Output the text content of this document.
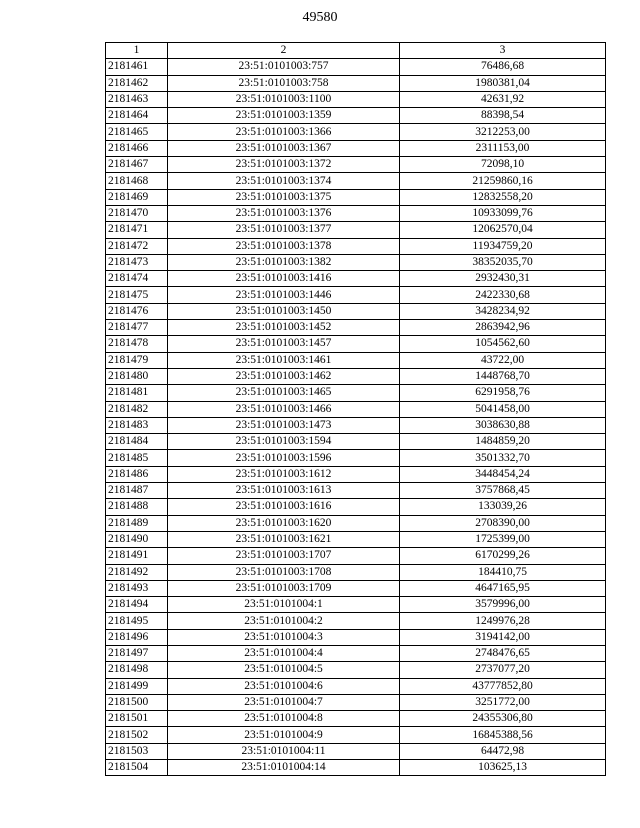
49580
1	2	3
2181461	23:51:0101003:757	76486,68
2181462	23:51:0101003:758	1980381,04
2181463	23:51:0101003:1100	42631,92
2181464	23:51:0101003:1359	88398,54
2181465	23:51:0101003:1366	3212253,00
2181466	23:51:0101003:1367	2311153,00
2181467	23:51:0101003:1372	72098,10
2181468	23:51:0101003:1374	21259860,16
2181469	23:51:0101003:1375	12832558,20
2181470	23:51:0101003:1376	10933099,76
2181471	23:51:0101003:1377	12062570,04
2181472	23:51:0101003:1378	11934759,20
2181473	23:51:0101003:1382	38352035,70
2181474	23:51:0101003:1416	2932430,31
2181475	23:51:0101003:1446	2422330,68
2181476	23:51:0101003:1450	3428234,92
2181477	23:51:0101003:1452	2863942,96
2181478	23:51:0101003:1457	1054562,60
2181479	23:51:0101003:1461	43722,00
2181480	23:51:0101003:1462	1448768,70
2181481	23:51:0101003:1465	6291958,76
2181482	23:51:0101003:1466	5041458,00
2181483	23:51:0101003:1473	3038630,88
2181484	23:51:0101003:1594	1484859,20
2181485	23:51:0101003:1596	3501332,70
2181486	23:51:0101003:1612	3448454,24
2181487	23:51:0101003:1613	3757868,45
2181488	23:51:0101003:1616	133039,26
2181489	23:51:0101003:1620	2708390,00
2181490	23:51:0101003:1621	1725399,00
2181491	23:51:0101003:1707	6170299,26
2181492	23:51:0101003:1708	184410,75
2181493	23:51:0101003:1709	4647165,95
2181494	23:51:0101004:1	3579996,00
2181495	23:51:0101004:2	1249976,28
2181496	23:51:0101004:3	3194142,00
2181497	23:51:0101004:4	2748476,65
2181498	23:51:0101004:5	2737077,20
2181499	23:51:0101004:6	43777852,80
2181500	23:51:0101004:7	3251772,00
2181501	23:51:0101004:8	24355306,80
2181502	23:51:0101004:9	16845388,56
2181503	23:51:0101004:11	64472,98
2181504	23:51:0101004:14	103625,13
